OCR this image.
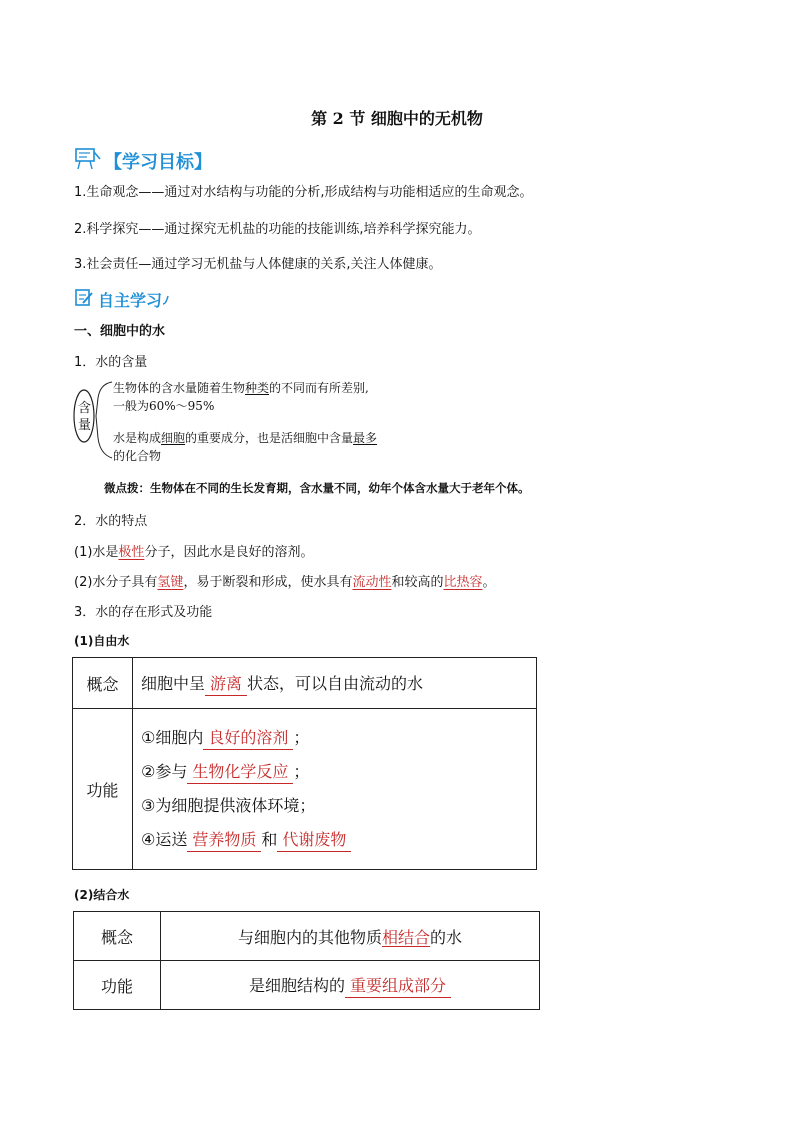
第 2 节 细胞中的无机物
【学习目标】
1.生命观念——通过对水结构与功能的分析,形成结构与功能相适应的生命观念。
2.科学探究——通过探究无机盐的功能的技能训练,培养科学探究能力。
3.社会责任—通过学习无机盐与人体健康的关系,关注人体健康。
自主学习
一、细胞中的水
1．水的含量
含量
生物体的含水量随着生物种类的不同而有所差别,
一般为60%～95%
水是构成细胞的重要成分，也是活细胞中含量最多
的化合物
微点拨：生物体在不同的生长发育期，含水量不同，幼年个体含水量大于老年个体。
2．水的特点
(1)水是极性分子，因此水是良好的溶剂。
(2)水分子具有氢键，易于断裂和形成，使水具有流动性和较高的比热容。
3．水的存在形式及功能
(1)自由水
概念	细胞中呈 游离 状态，可以自由流动的水
功能	①细胞内 良好的溶剂 ；

②参与 生物化学反应 ；

③为细胞提供液体环境；

④运送 营养物质 和 代谢废物

(2)结合水
概念	与细胞内的其他物质相结合的水
功能	是细胞结构的 重要组成部分
